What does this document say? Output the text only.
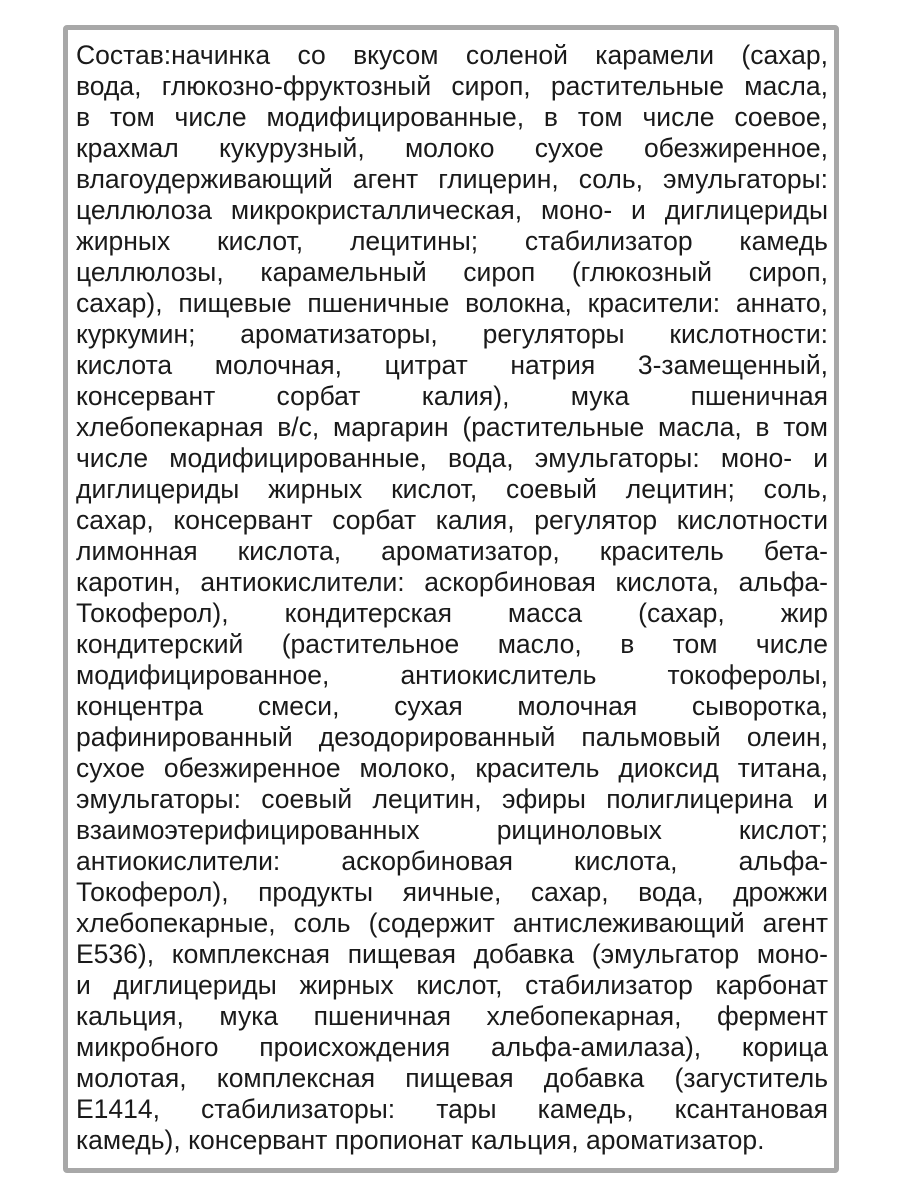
Состав:начинка со вкусом соленой карамели (сахар,
вода, глюкозно-фруктозный сироп, растительные масла,
в том числе модифицированные, в том числе соевое,
крахмал кукурузный, молоко сухое обезжиренное,
влагоудерживающий агент глицерин, соль, эмульгаторы:
целлюлоза микрокристаллическая, моно- и диглицериды
жирных кислот, лецитины; стабилизатор камедь
целлюлозы, карамельный сироп (глюкозный сироп,
сахар), пищевые пшеничные волокна, красители: аннато,
куркумин; ароматизаторы, регуляторы кислотности:
кислота молочная, цитрат натрия 3-замещенный,
консервант сорбат калия), мука пшеничная
хлебопекарная в/с, маргарин (растительные масла, в том
числе модифицированные, вода, эмульгаторы: моно- и
диглицериды жирных кислот, соевый лецитин; соль,
сахар, консервант сорбат калия, регулятор кислотности
лимонная кислота, ароматизатор, краситель бета-
каротин, антиокислители: аскорбиновая кислота, альфа-
Токоферол), кондитерская масса (сахар, жир
кондитерский (растительное масло, в том числе
модифицированное, антиокислитель токоферолы,
концентра смеси, сухая молочная сыворотка,
рафинированный дезодорированный пальмовый олеин,
сухое обезжиренное молоко, краситель диоксид титана,
эмульгаторы: соевый лецитин, эфиры полиглицерина и
взаимоэтерифицированных рициноловых кислот;
антиокислители: аскорбиновая кислота, альфа-
Токоферол), продукты яичные, сахар, вода, дрожжи
хлебопекарные, соль (содержит антислеживающий агент
Е536), комплексная пищевая добавка (эмульгатор моно-
и диглицериды жирных кислот, стабилизатор карбонат
кальция, мука пшеничная хлебопекарная, фермент
микробного происхождения альфа-амилаза), корица
молотая, комплексная пищевая добавка (загуститель
Е1414, стабилизаторы: тары камедь, ксантановая
камедь), консервант пропионат кальция, ароматизатор.
